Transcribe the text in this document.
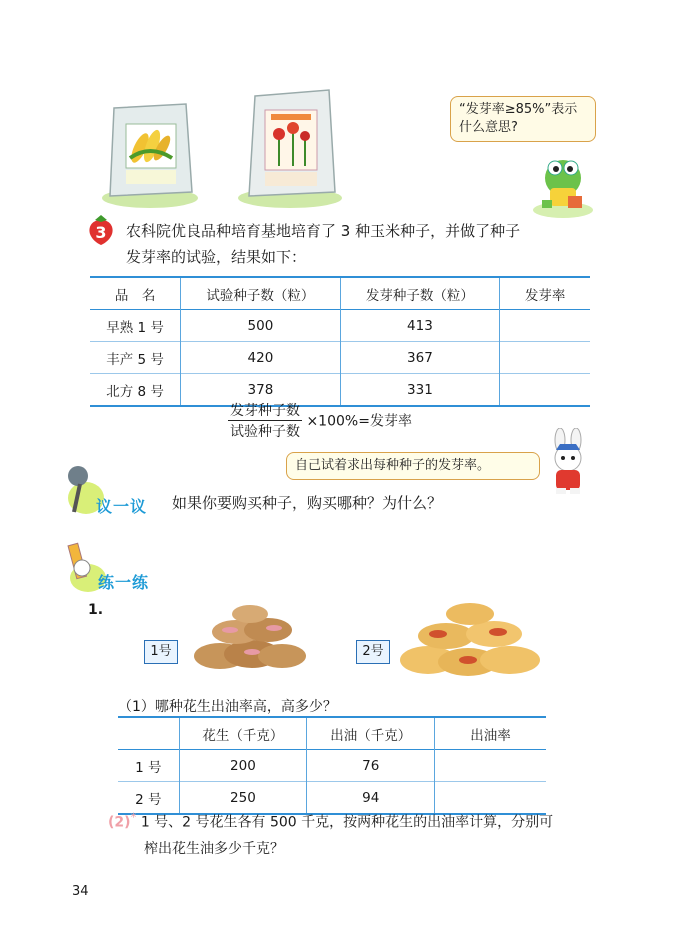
“发芽率≥85%”表示什么意思?
3	农科院优良品种培育基地培育了 3 种玉米种子，并做了种子
发芽率的试验，结果如下：
品　名	试验种子数（粒）	发芽种子数（粒）	发芽率
早熟 1 号	500	413	
丰产 5 号	420	367	
北方 8 号	378	331	
$\frac{\text{发芽种子数}}{\text{试验种子数}} \times 100\%=$发芽率
自己试着求出每种种子的发芽率。
议一议 如果你要购买种子，购买哪种？为什么？
练一练
1.
1号	2号
（1）哪种花生出油率高，高多少？
	花生（千克）	出油（千克）	出油率
1 号	200	76	
2 号	250	94	
(2)* 1 号、2 号花生各有 500 千克，按两种花生的出油率计算，分别可
榨出花生油多少千克？
34
